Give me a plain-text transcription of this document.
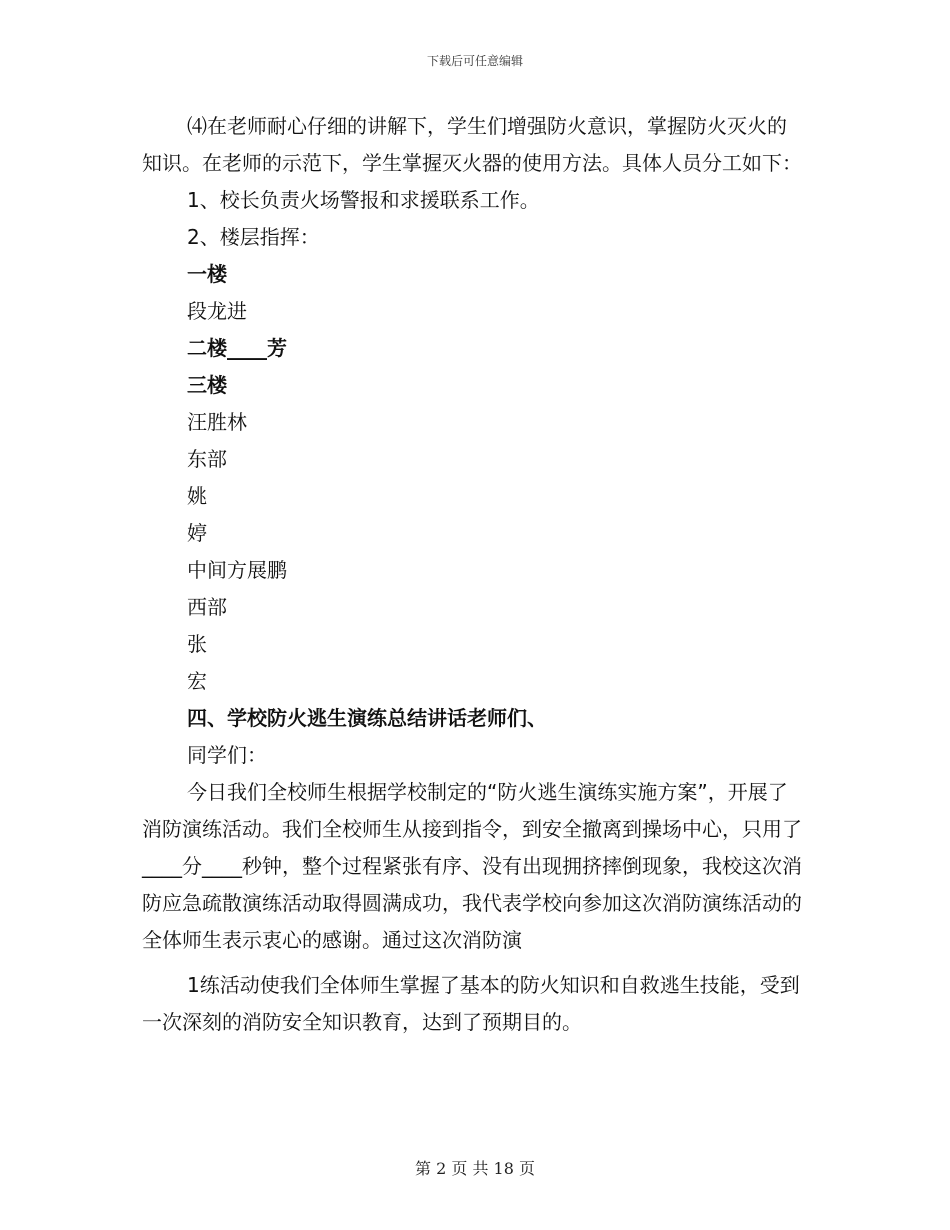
下载后可任意编辑

⑷在老师耐心仔细的讲解下，学生们增强防火意识，掌握防火灭火的知识。在老师的示范下，学生掌握灭火器的使用方法。具体人员分工如下：

1、校长负责火场警报和求援联系工作。

2、楼层指挥：

一楼

段龙进

二楼____芳

三楼

汪胜林

东部

姚

婷

中间方展鹏

西部

张

宏

四、学校防火逃生演练总结讲话老师们、

同学们：

今日我们全校师生根据学校制定的“防火逃生演练实施方案”，开展了消防演练活动。我们全校师生从接到指令，到安全撤离到操场中心，只用了____分____秒钟，整个过程紧张有序、没有出现拥挤摔倒现象，我校这次消防应急疏散演练活动取得圆满成功，我代表学校向参加这次消防演练活动的全体师生表示衷心的感谢。通过这次消防演

1练活动使我们全体师生掌握了基本的防火知识和自救逃生技能，受到一次深刻的消防安全知识教育，达到了预期目的。

第 2 页 共 18 页
